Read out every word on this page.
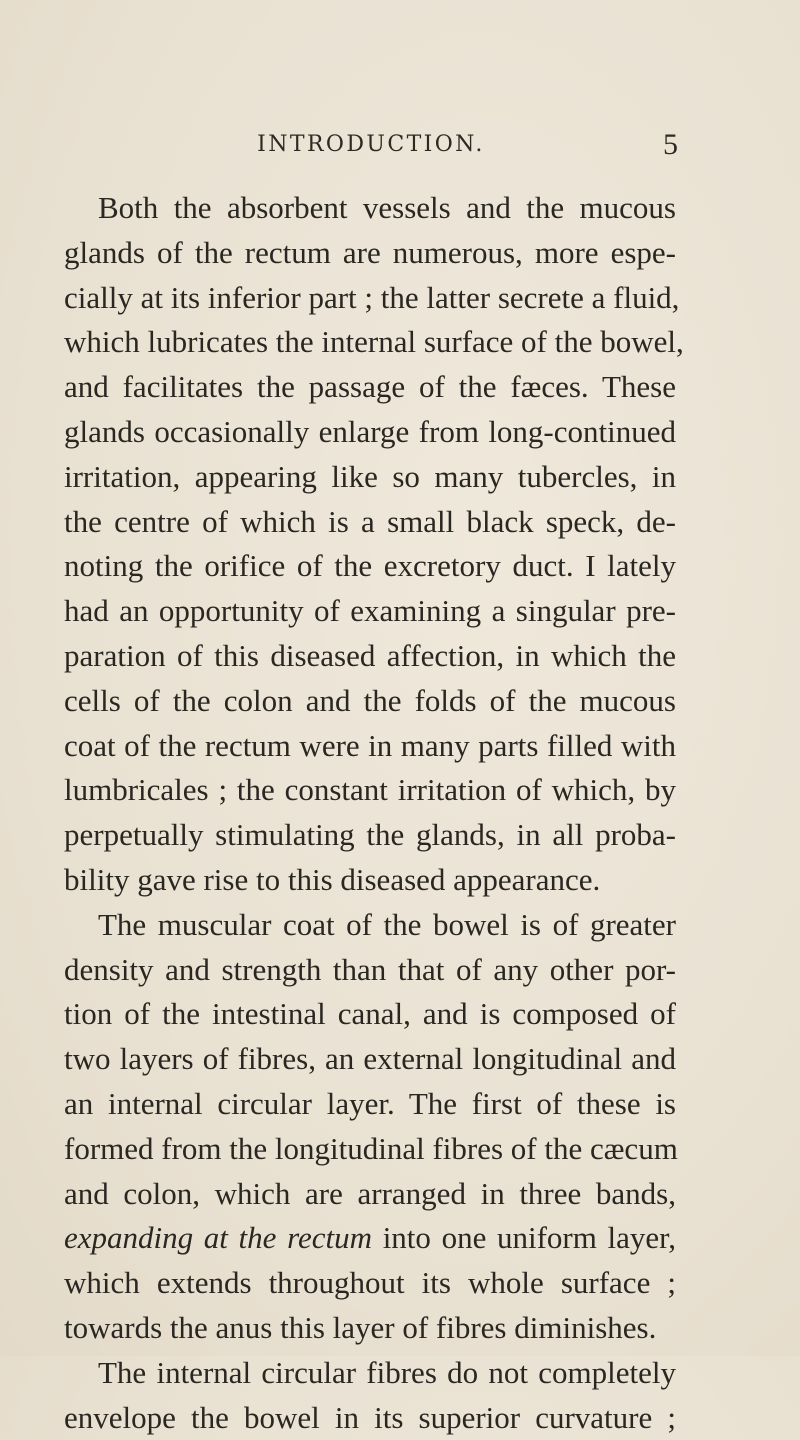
INTRODUCTION.	5
Both the absorbent vessels and the mucous
glands of the rectum are numerous, more espe-
cially at its inferior part ; the latter secrete a fluid,
which lubricates the internal surface of the bowel,
and facilitates the passage of the fæces. These
glands occasionally enlarge from long-continued
irritation, appearing like so many tubercles, in
the centre of which is a small black speck, de-
noting the orifice of the excretory duct. I lately
had an opportunity of examining a singular pre-
paration of this diseased affection, in which the
cells of the colon and the folds of the mucous
coat of the rectum were in many parts filled with
lumbricales ; the constant irritation of which, by
perpetually stimulating the glands, in all proba-
bility gave rise to this diseased appearance.
The muscular coat of the bowel is of greater
density and strength than that of any other por-
tion of the intestinal canal, and is composed of
two layers of fibres, an external longitudinal and
an internal circular layer. The first of these is
formed from the longitudinal fibres of the cæcum
and colon, which are arranged in three bands,
expanding at the rectum into one uniform layer,
which extends throughout its whole surface ;
towards the anus this layer of fibres diminishes.
The internal circular fibres do not completely
envelope the bowel in its superior curvature ;
